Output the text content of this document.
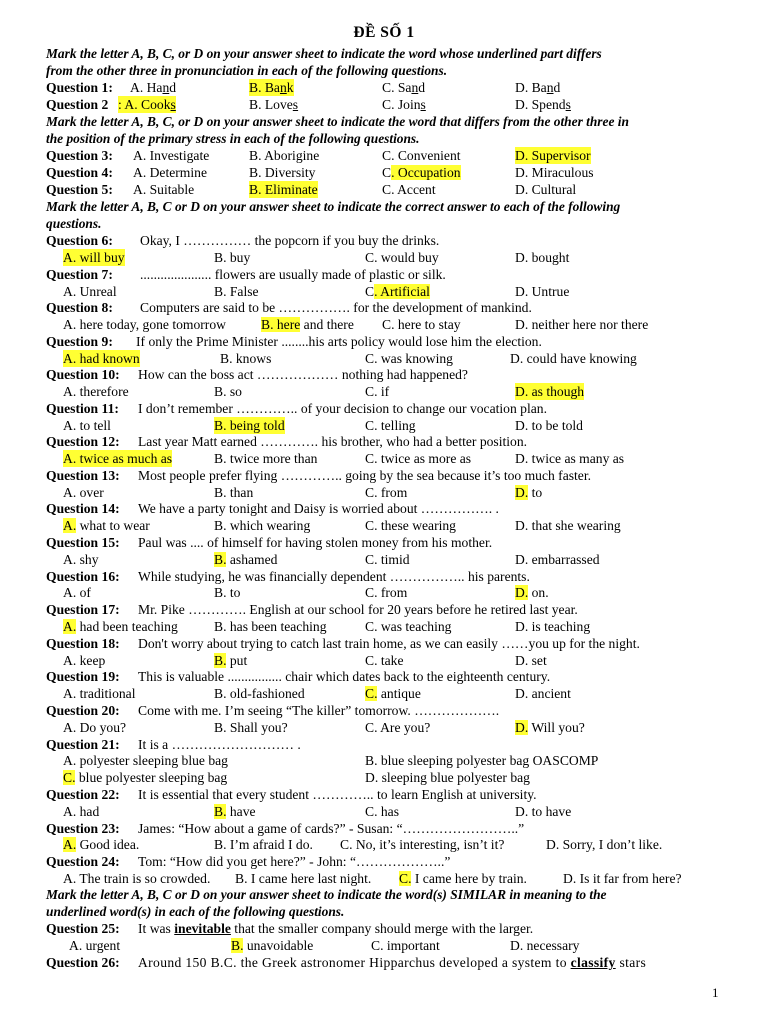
ĐỀ SỐ 1
Mark the letter A, B, C, or D on your answer sheet to indicate the word whose underlined part differs
from the other three in pronunciation in each of the following questions.
Question 1: A. Hand	B. Bank	C. Sand	D. Band
Question 2 : A. Cooks	B. Loves	C. Joins	D. Spends
Mark the letter A, B, C, or D on your answer sheet to indicate the word that differs from the other three in
the position of the primary stress in each of the following questions.
Question 3: A. Investigate	B. Aborigine	C. Convenient	D. Supervisor
Question 4: A. Determine	B. Diversity	C. Occupation	D. Miraculous
Question 5: A. Suitable	B. Eliminate	C. Accent	D. Cultural
Mark the letter A, B, C or D on your answer sheet to indicate the correct answer to each of the following
questions.
Question 6: Okay, I …………… the popcorn if you buy the drinks.
A. will buy	B. buy	C. would buy	D. bought
Question 7: ..................... flowers are usually made of plastic or silk.
A. Unreal	B. False	C. Artificial	D. Untrue
Question 8: Computers are said to be ……………. for the development of mankind.
A. here today, gone tomorrow	B. here and there C. here to stay	D. neither here nor there
Question 9: If only the Prime Minister ........his arts policy would lose him the election.
A. had known	B. knows	C. was knowing	D. could have knowing
Question 10: How can the boss act ……………… nothing had happened?
A. therefore	B. so	C. if	D. as though
Question 11: I don’t remember ………….. of your decision to change our vocation plan.
A. to tell	B. being told	C. telling	D. to be told
Question 12: Last year Matt earned …………. his brother, who had a better position.
A. twice as much as	B. twice more than	C. twice as more as	D. twice as many as
Question 13: Most people prefer flying ………….. going by the sea because it’s too much faster.
A. over	B. than	C. from	D. to
Question 14: We have a party tonight and Daisy is worried about ……………. .
A. what to wear	B. which wearing	C. these wearing	D. that she wearing
Question 15: Paul was .... of himself for having stolen money from his mother.
A. shy	B. ashamed	C. timid	D. embarrassed
Question 16: While studying, he was financially dependent …………….. his parents.
A. of	B. to	C. from	D. on.
Question 17: Mr. Pike …………. English at our school for 20 years before he retired last year.
A. had been teaching	B. has been teaching	C. was teaching	D. is teaching
Question 18: Don't worry about trying to catch last train home, as we can easily ……you up for the night.
A. keep	B. put	C. take	D. set
Question 19: This is valuable ................ chair which dates back to the eighteenth century.
A. traditional	B. old-fashioned	C. antique	D. ancient
Question 20: Come with me. I’m seeing “The killer” tomorrow. ……………….
A. Do you?	B. Shall you?	C. Are you?	D. Will you?
Question 21: It is a ……………………… .
A. polyester sleeping blue bag	B. blue sleeping polyester bag OASCOMP
C. blue polyester sleeping bag	D. sleeping blue polyester bag
Question 22: It is essential that every student ………….. to learn English at university.
A. had	B. have	C. has	D. to have
Question 23: James: “How about a game of cards?” - Susan: “……………………..”
A. Good idea.	B. I’m afraid I do. C. No, it’s interesting, isn’t it?	D. Sorry, I don’t like.
Question 24: Tom: “How did you get here?” - John: “………………..”
A. The train is so crowded. B. I came here last night. C. I came here by train.	D. Is it far from here?
Mark the letter A, B, C or D on your answer sheet to indicate the word(s) SIMILAR in meaning to the
underlined word(s) in each of the following questions.
Question 25: It was inevitable that the smaller company should merge with the larger.
A. urgent	B. unavoidable	C. important	D. necessary
Question 26: Around 150 B.C. the Greek astronomer Hipparchus developed a system to classify stars
1
